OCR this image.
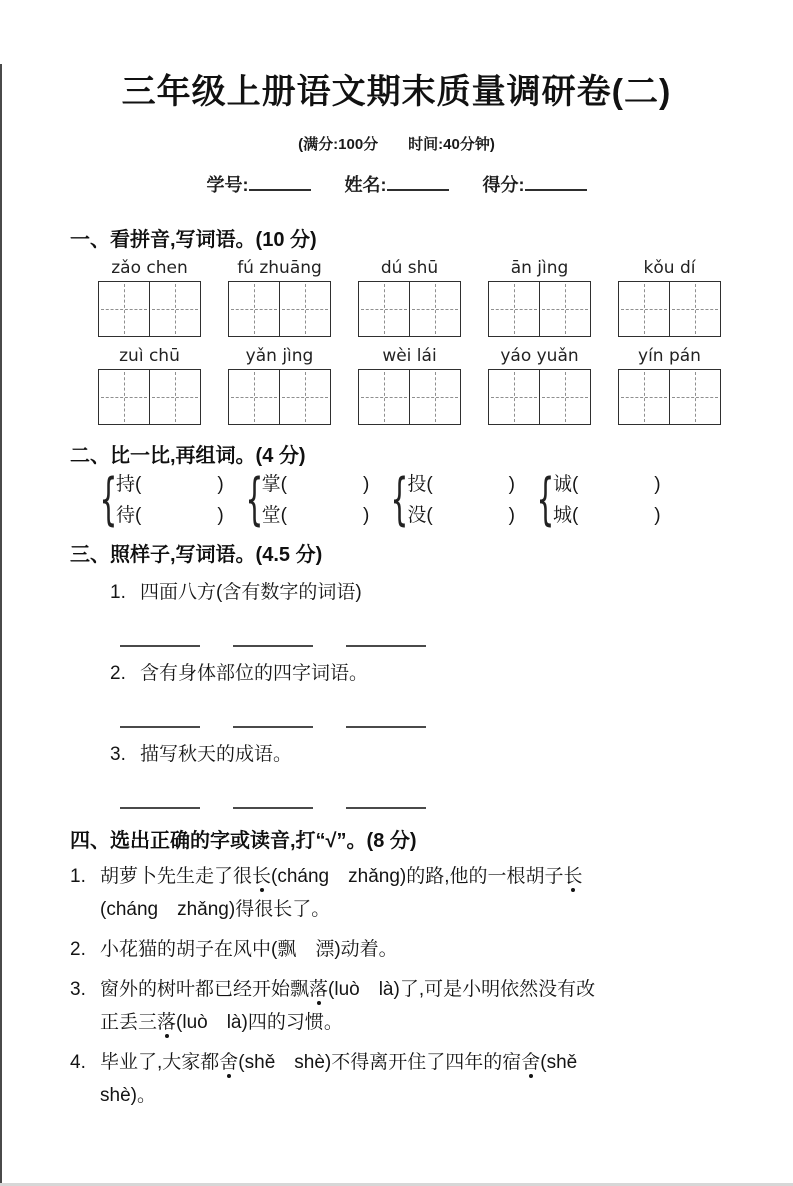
三年级上册语文期末质量调研卷(二)
(满分:100分　　时间:40分钟)
学号:	姓名:	得分:
一、看拼音,写词语。(10 分)
zǎo chen	fú zhuāng	dú shū	ān jìng	kǒu dí
zuì chū	yǎn jìng	wèi lái	yáo yuǎn	yín pán
二、比一比,再组词。(4 分)
{
持(　　　　)
待(　　　　) {
掌(　　　　)
堂(　　　　) {
投(　　　　)
没(　　　　) {
诚(　　　　)
城(　　　　)
三、照样子,写词语。(4.5 分)
1. 四面八方(含有数字的词语)
2. 含有身体部位的四字词语。
3. 描写秋天的成语。
四、选出正确的字或读音,打“√”。(8 分)
1. 胡萝卜先生走了很长(cháng　zhǎng)的路,他的一根胡子长
(cháng　zhǎng)得很长了。
2. 小花猫的胡子在风中(飘　漂)动着。
3. 窗外的树叶都已经开始飘落(luò　là)了,可是小明依然没有改
正丢三落(luò　là)四的习惯。
4. 毕业了,大家都舍(shě　shè)不得离开住了四年的宿舍(shě
shè)。
